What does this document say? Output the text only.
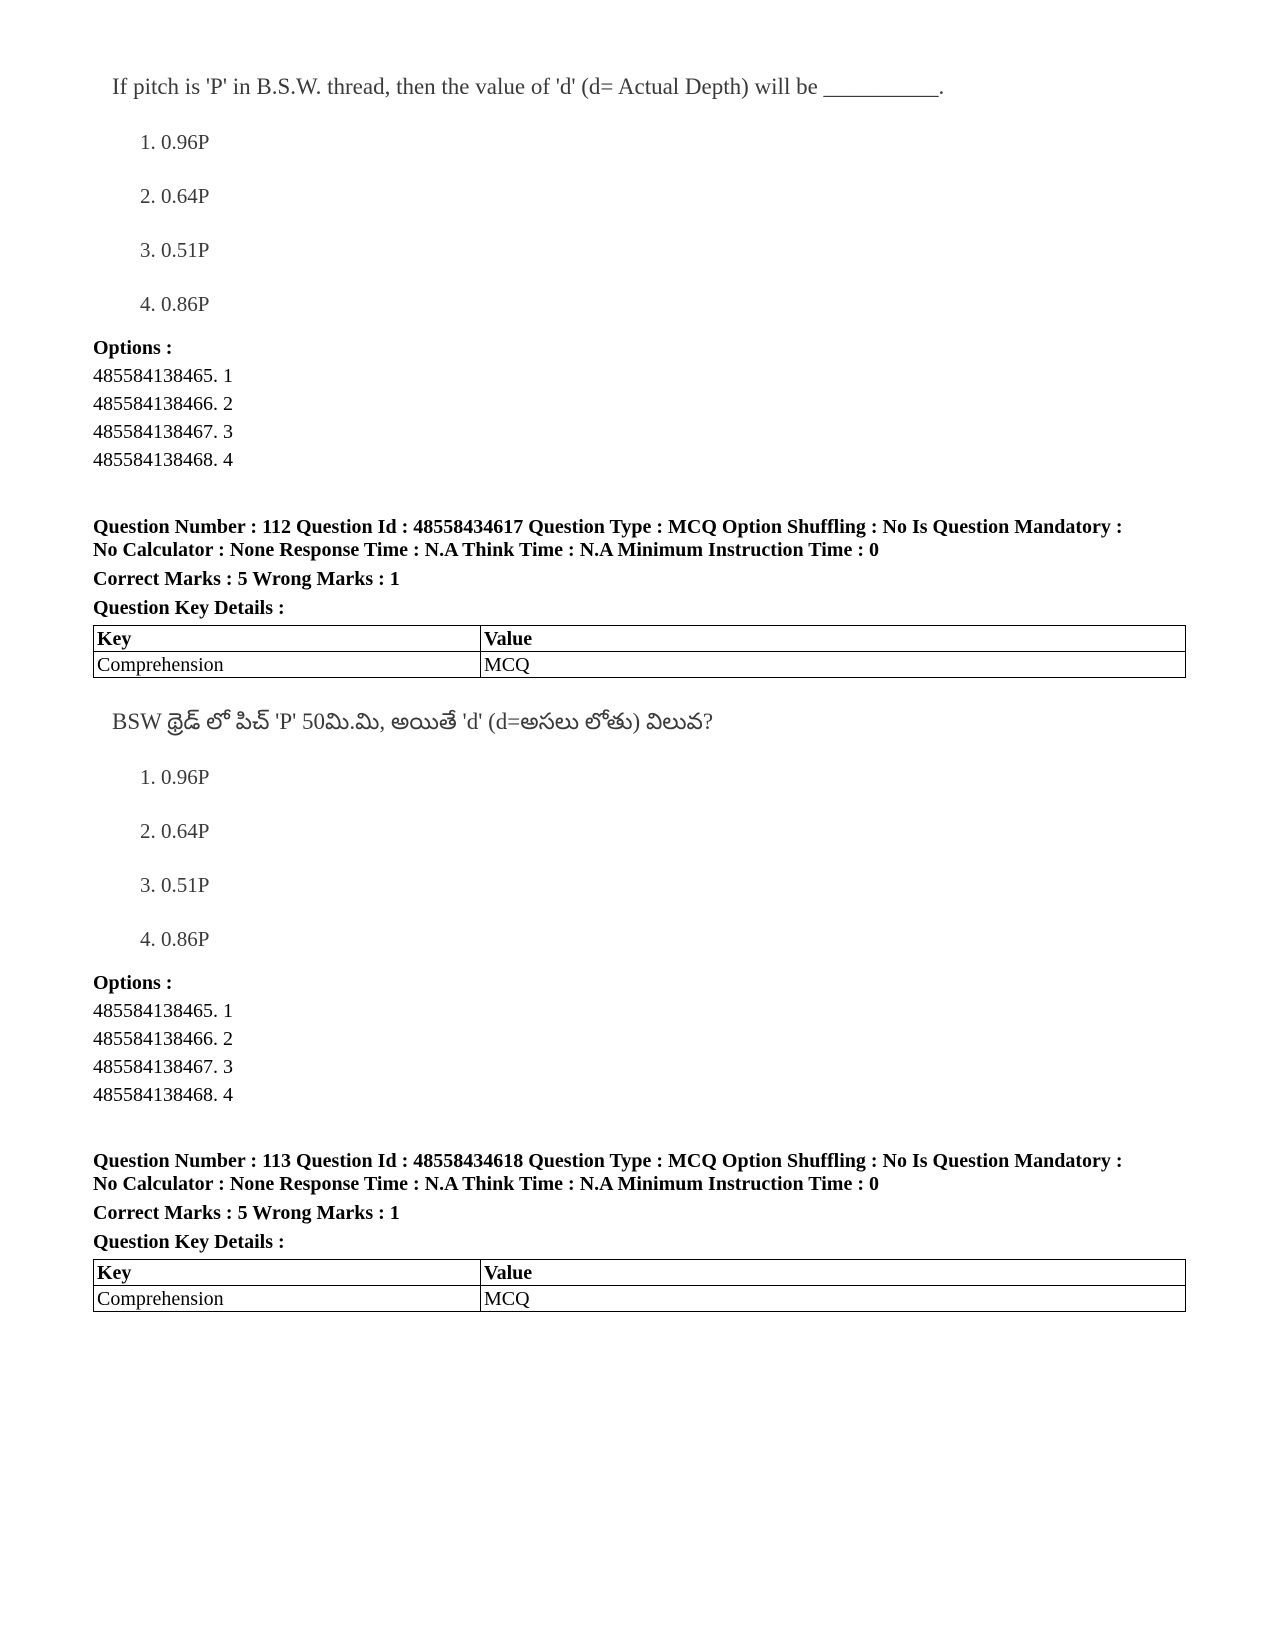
If pitch is 'P' in B.S.W. thread, then the value of 'd' (d= Actual Depth) will be __________.
1. 0.96P
2. 0.64P
3. 0.51P
4. 0.86P
Options :
485584138465. 1
485584138466. 2
485584138467. 3
485584138468. 4
Question Number : 112 Question Id : 48558434617 Question Type : MCQ Option Shuffling : No Is Question Mandatory :
No Calculator : None Response Time : N.A Think Time : N.A Minimum Instruction Time : 0
Correct Marks : 5 Wrong Marks : 1
Question Key Details :
Key	Value
Comprehension	MCQ
BSW థ్రెడ్ లో పిచ్ 'P' 50మి.మి, అయితే 'd' (d=అసలు లోతు) విలువ?
1. 0.96P
2. 0.64P
3. 0.51P
4. 0.86P
Options :
485584138465. 1
485584138466. 2
485584138467. 3
485584138468. 4
Question Number : 113 Question Id : 48558434618 Question Type : MCQ Option Shuffling : No Is Question Mandatory :
No Calculator : None Response Time : N.A Think Time : N.A Minimum Instruction Time : 0
Correct Marks : 5 Wrong Marks : 1
Question Key Details :
Key	Value
Comprehension	MCQ
